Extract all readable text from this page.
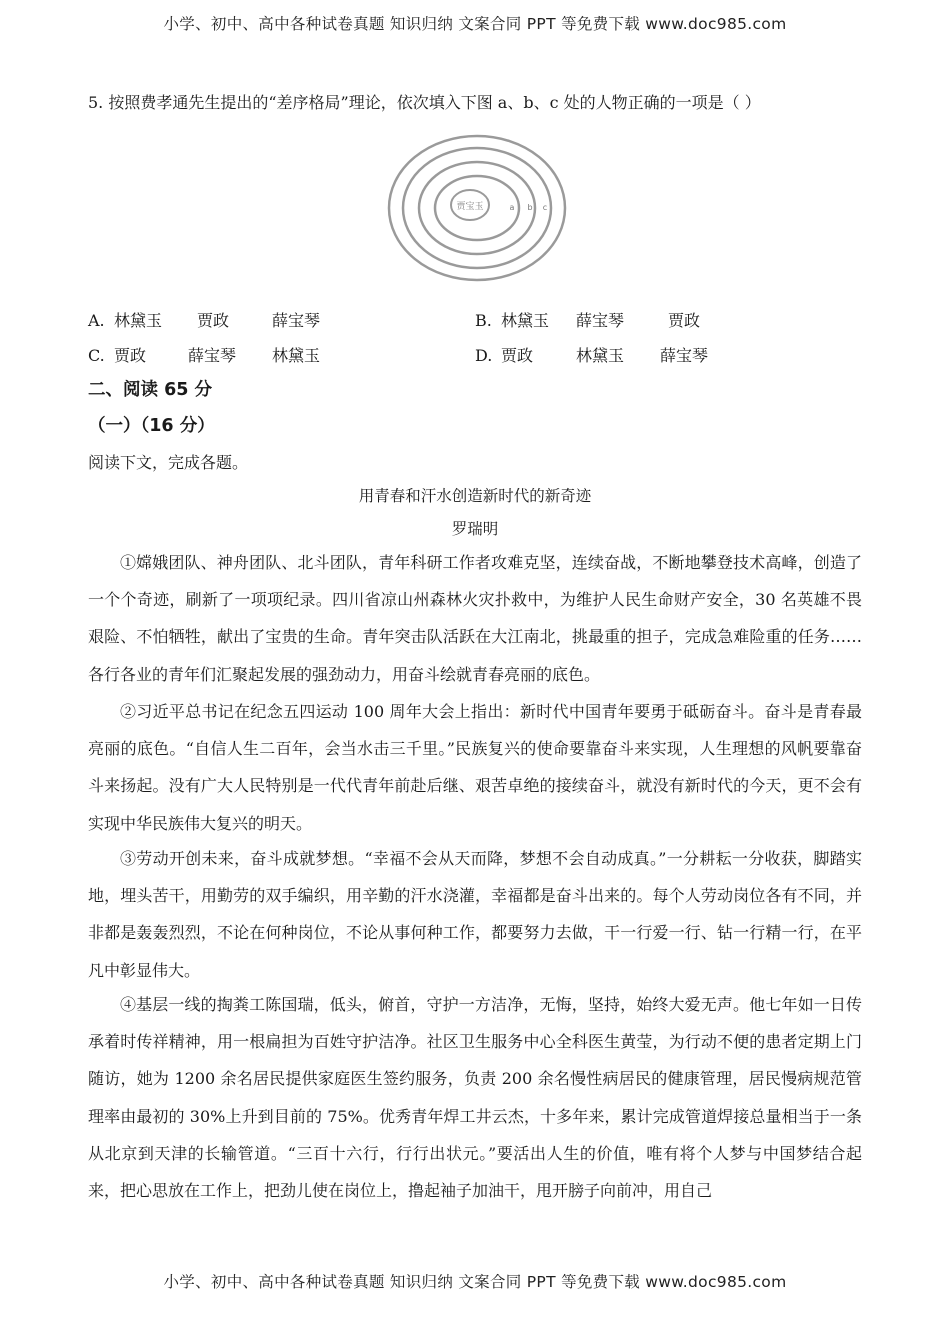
小学、初中、高中各种试卷真题 知识归纳 文案合同 PPT 等免费下载 www.doc985.com
5. 按照费孝通先生提出的“差序格局”理论，依次填入下图 a、b、c 处的人物正确的一项是（ ）
贾宝玉	a b c
A. 林黛玉 贾政	薛宝琴	B. 林黛玉 薛宝琴	贾政
C. 贾政	薛宝琴 林黛玉	D. 贾政	林黛玉 薛宝琴
二、阅读 65 分
（一）（16 分）
阅读下文，完成各题。
用青春和汗水创造新时代的新奇迹
罗瑞明

①嫦娥团队、神舟团队、北斗团队，青年科研工作者攻难克坚，连续奋战，不断地攀登技术高峰，创造了一个个奇迹，刷新了一项项纪录。四川省凉山州森林火灾扑救中，为维护人民生命财产安全，30 名英雄不畏艰险、不怕牺牲，献出了宝贵的生命。青年突击队活跃在大江南北，挑最重的担子，完成急难险重的任务……各行各业的青年们汇聚起发展的强劲动力，用奋斗绘就青春亮丽的底色。

②习近平总书记在纪念五四运动 100 周年大会上指出：新时代中国青年要勇于砥砺奋斗。奋斗是青春最亮丽的底色。“自信人生二百年，会当水击三千里。”民族复兴的使命要靠奋斗来实现，人生理想的风帆要靠奋斗来扬起。没有广大人民特别是一代代青年前赴后继、艰苦卓绝的接续奋斗，就没有新时代的今天，更不会有实现中华民族伟大复兴的明天。

③劳动开创未来，奋斗成就梦想。“幸福不会从天而降，梦想不会自动成真。”一分耕耘一分收获，脚踏实地，埋头苦干，用勤劳的双手编织，用辛勤的汗水浇灌，幸福都是奋斗出来的。每个人劳动岗位各有不同，并非都是轰轰烈烈，不论在何种岗位，不论从事何种工作，都要努力去做，干一行爱一行、钻一行精一行，在平凡中彰显伟大。

④基层一线的掏粪工陈国瑞，低头，俯首，守护一方洁净，无悔，坚持，始终大爱无声。他七年如一日传承着时传祥精神，用一根扁担为百姓守护洁净。社区卫生服务中心全科医生黄莹，为行动不便的患者定期上门随访，她为 1200 余名居民提供家庭医生签约服务，负责 200 余名慢性病居民的健康管理，居民慢病规范管理率由最初的 30%上升到目前的 75%。优秀青年焊工井云杰，十多年来，累计完成管道焊接总量相当于一条从北京到天津的长输管道。“三百十六行，行行出状元。”要活出人生的价值，唯有将个人梦与中国梦结合起来，把心思放在工作上，把劲儿使在岗位上，撸起袖子加油干，甩开膀子向前冲，用自己

小学、初中、高中各种试卷真题 知识归纳 文案合同 PPT 等免费下载 www.doc985.com
